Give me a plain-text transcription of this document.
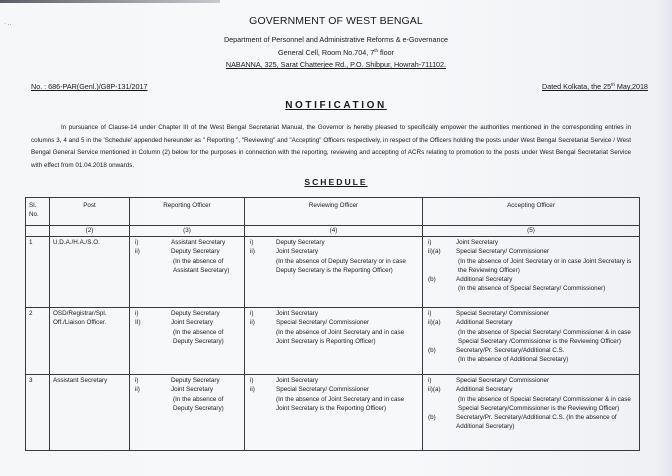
· ‥	GOVERNMENT OF WEST BENGAL
Department of Personnel and Administrative Reforms & e-Governance
General Cell, Room No.704, 7th floor
NABANNA, 325, Sarat Chatterjee Rd., P.O. Shibpur, Howrah-711102.
No. : 686-PAR(Genl.)/G8P-131/2017	Dated Kolkata, the 25th May,2018
NOTIFICATION
In pursuance of Clause-14 under Chapter III of the West Bengal Secretariat Manual, the Governor is hereby pleased to specifically empower the authorities mentioned in the corresponding entries in columns 3, 4 and 5 in the 'Schedule' appended hereunder as " Reporting ", "Reviewing" and "Accepting" Officers respectively, in respect of the Officers holding the posts under West Bengal Secretariat Service / West Bengal General Service mentioned in Column (2) below for the purposes in connection with the reporting, reviewing and accepting of ACRs relating to promotion to the posts under West Bengal Secretariat Service with effect from 01.04.2018 onwards.
SCHEDULE
Sl. No.	Post	Reporting Officer	Reviewing Officer	Accepting Officer
	(2)	(3)	(4)	(5)
1	U.D.A./H.A./S.O.	i)	Assistant Secretary
ii)	Deputy Secretary
(In the absence of Assistant Secretary)

i)	Deputy Secretary
ii)	Joint Secretary
(In the absence of Deputy Secretary or in case Deputy Secretary is the Reporting Officer)

i)	Joint Secretary
ii)(a)	Special Secretary/ Commissioner
(In the absence of Joint Secretary or in case Joint Secretary is the Reviewing Officer)
(b)	Additional Secretary
(In the absence of Special Secretary/ Commissioner)

2	OSD/Registrar/Spl. Off./Liaison Officer.	
i)	Deputy Secretary
II)	Joint Secretary
(In the absence of Deputy Secretary)

i)	Joint Secretary
ii)	Special Secretary/ Commissioner
(In the absence of Joint Secretary and in case Joint Secretary is Reporting Officer)

i)	Special Secretary/ Commissioner
ii)(a)	Additional Secretary
(In the absence of Special Secretary/ Commissioner & in case Special Secretary /Commissioner is the Reviewing Officer)
(b)	Secretary/Pr. Secretary/Additional C.S.
(In the absence of Additional Secretary)

3	Assistant Secretary	i)	Deputy Secretary
ii)	Joint Secretary
(In the absence of Deputy Secretary)

i)	Joint Secretary
ii)	Special Secretary/ Commissioner
(In the absence of Joint Secretary and in case Joint Secretary is the Reporting Officer)

i)	Special Secretary/ Commissioner
ii)(a)	Additional Secretary
(In the absence of Special Secretary/ Commissioner & in case Special Secretary/Commissioner is the Reviewing Officer)
(b)	Secretary/Pr. Secretary/Additional C.S. (In the absence of Additional Secretary)
